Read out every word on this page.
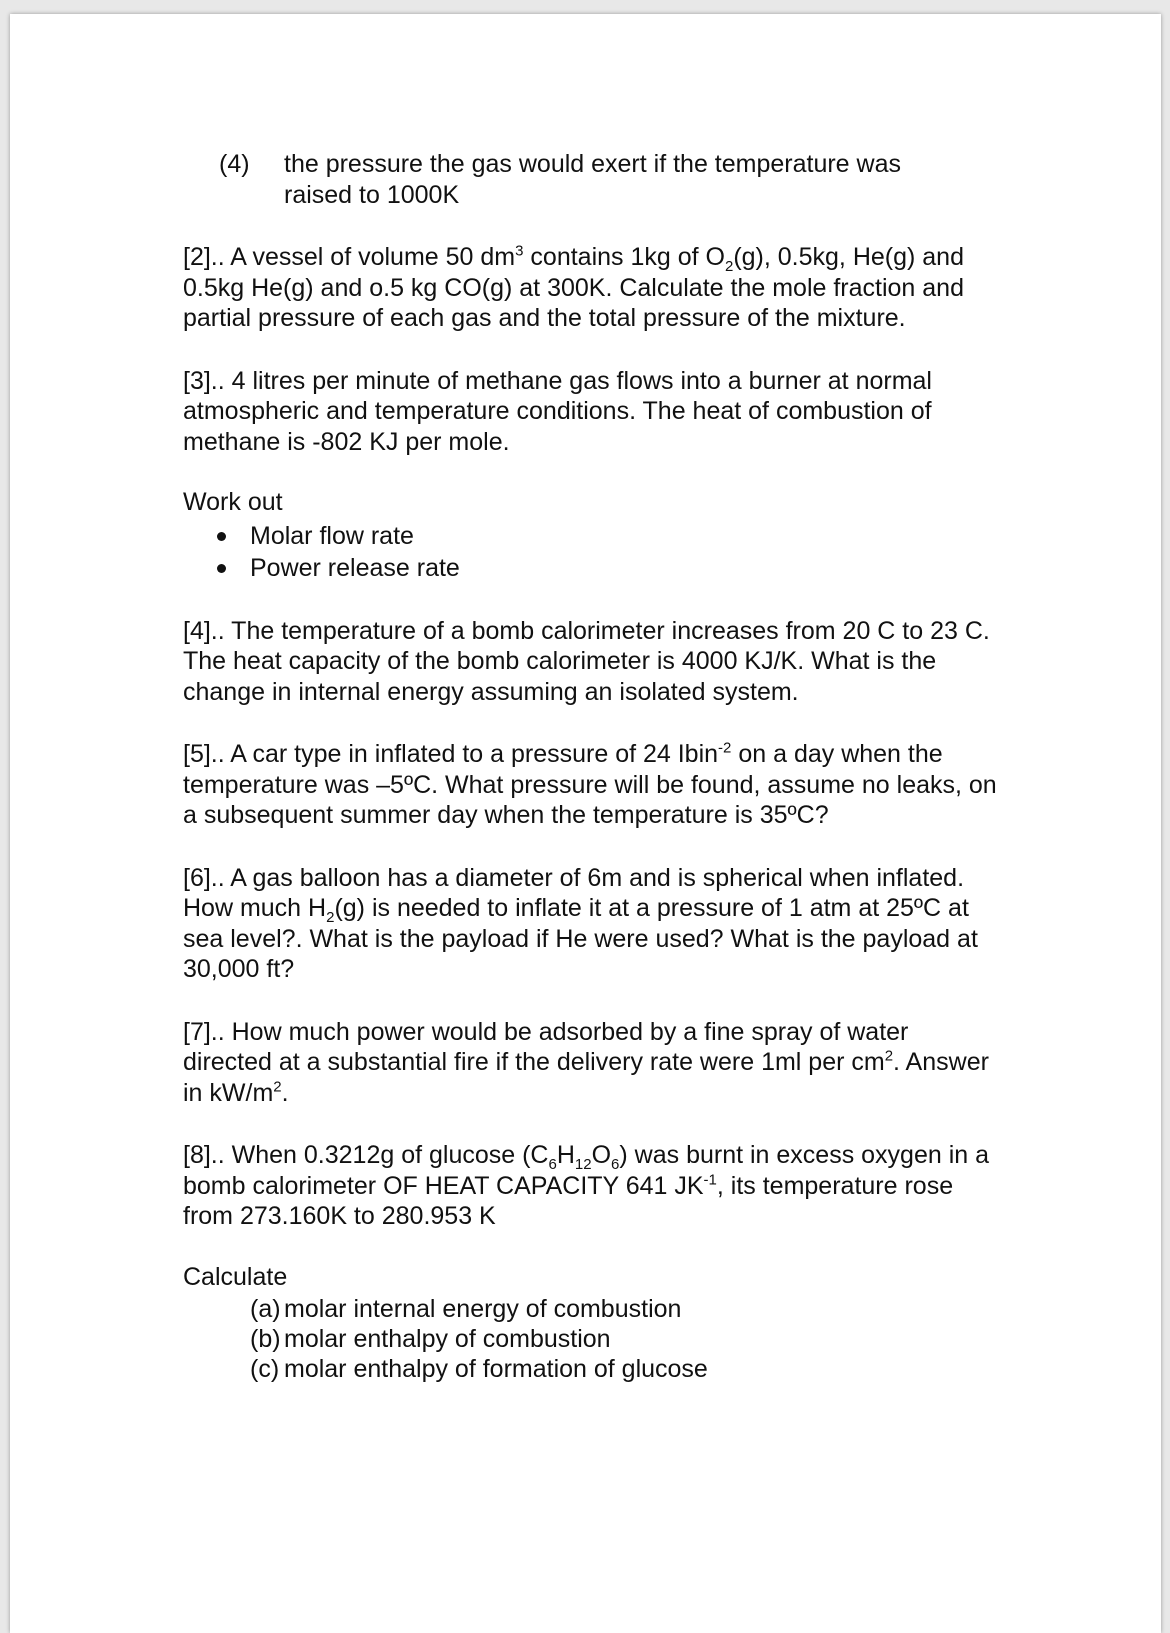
(4)	the pressure the gas would exert if the temperature was
raised to 1000K

[2].. A vessel of volume 50 $dm^3$ contains 1kg of $O_2(g)$, 0.5kg, He(g) and 0.5kg He(g) and o.5 kg CO(g) at 300K. Calculate the mole fraction and partial pressure of each gas and the total pressure of the mixture.

[3].. 4 litres per minute of methane gas flows into a burner at normal atmospheric and temperature conditions. The heat of combustion of methane is -802 KJ per mole.

Work out

Molar flow rate
Power release rate

[4].. The temperature of a bomb calorimeter increases from 20 C to 23 C. The heat capacity of the bomb calorimeter is 4000 KJ/K. What is the change in internal energy assuming an isolated system.

[5].. A car type in inflated to a pressure of 24 Ibin$^{-2}$ on a day when the temperature was –5ºC. What pressure will be found, assume no leaks, on a subsequent summer day when the temperature is 35ºC?

[6].. A gas balloon has a diameter of 6m and is spherical when inflated. How much $H_2(g)$ is needed to inflate it at a pressure of 1 atm at 25ºC at sea level?. What is the payload if He were used? What is the payload at 30,000 ft?

[7].. How much power would be adsorbed by a fine spray of water directed at a substantial fire if the delivery rate were 1ml per $cm^2$. Answer in $kW/m^2$.

[8].. When 0.3212g of glucose $(C_6H_{12}O_6)$ was burnt in excess oxygen in a bomb calorimeter OF HEAT CAPACITY 641 $JK^{-1}$, its temperature rose from 273.160K to 280.953 K

Calculate

(a) molar internal energy of combustion
(b) molar enthalpy of combustion
(c) molar enthalpy of formation of glucose
